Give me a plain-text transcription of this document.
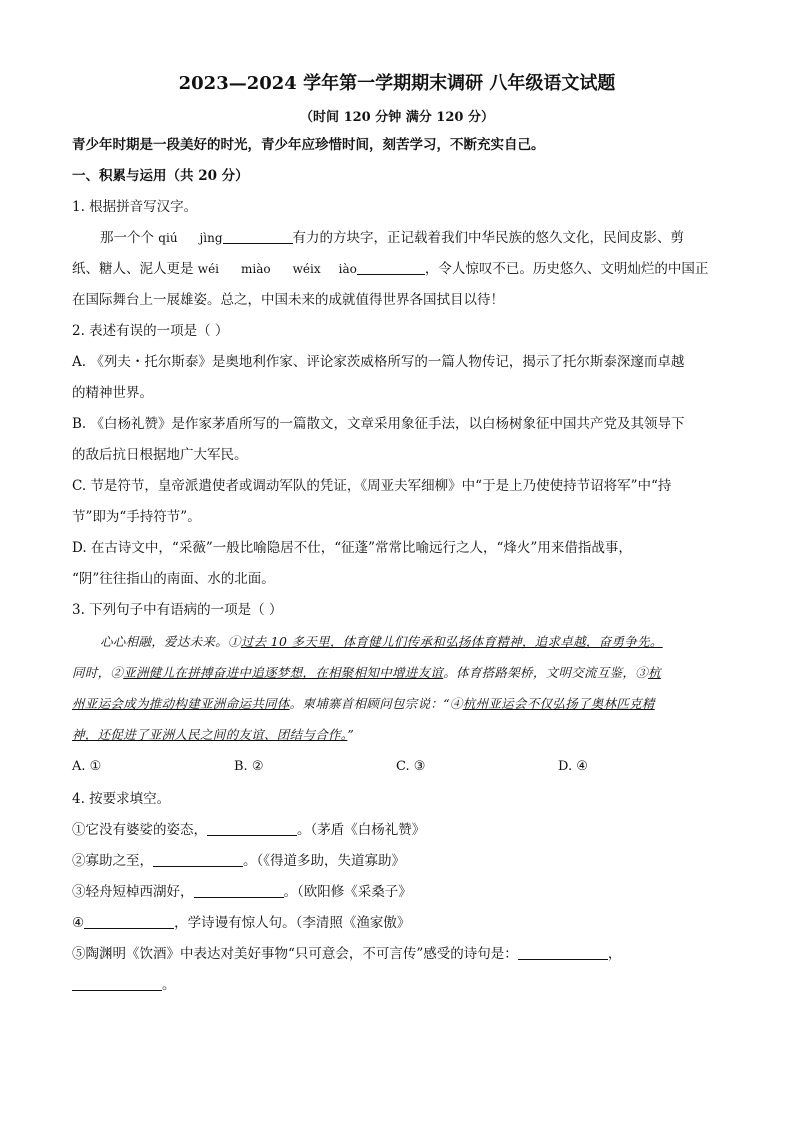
2023—2024 学年第一学期期末调研 八年级语文试题
（时间 120 分钟 满分 120 分）
青少年时期是一段美好的时光，青少年应珍惜时间，刻苦学习，不断充实自己。
一、积累与运用（共 20 分）
1. 根据拼音写汉字。
那一个个 qiú jìng	有力的方块字，正记载着我们中华民族的悠久文化，民间皮影、剪
纸、糖人、泥人更是 wéi miào wéix iào	，令人惊叹不已。历史悠久、文明灿烂的中国正
在国际舞台上一展雄姿。总之，中国未来的成就值得世界各国拭目以待！
2. 表述有误的一项是（ ）
A. 《列夫・托尔斯泰》是奥地利作家、评论家茨威格所写的一篇人物传记，揭示了托尔斯泰深邃而卓越
的精神世界。
B. 《白杨礼赞》是作家茅盾所写的一篇散文，文章采用象征手法，以白杨树象征中国共产党及其领导下
的敌后抗日根据地广大军民。
C. 节是符节，皇帝派遣使者或调动军队的凭证，《周亚夫军细柳》中“于是上乃使使持节诏将军”中“持
节”即为“手持符节”。
D. 在古诗文中，“采薇”一般比喻隐居不仕，“征蓬”常常比喻远行之人，“烽火”用来借指战事，
“阴”往往指山的南面、水的北面。
3. 下列句子中有语病的一项是（ ）
心心相融，爱达未来。①过去 10 多天里，体育健儿们传承和弘扬体育精神，追求卓越，奋勇争先。
同时，②亚洲健儿在拼搏奋进中追逐梦想，在相聚相知中增进友谊。体育搭路架桥，文明交流互鉴，③杭
州亚运会成为推动构建亚洲命运共同体。柬埔寨首相顾问包宗说：“④杭州亚运会不仅弘扬了奥林匹克精
神，还促进了亚洲人民之间的友谊、团结与合作。”
A. ①	B. ②	C. ③	D. ④
4. 按要求填空。
①它没有婆娑的姿态，	。（茅盾《白杨礼赞》
②寡助之至，	。（《得道多助，失道寡助》
③轻舟短棹西湖好，	。（欧阳修《采桑子》
④	，学诗谩有惊人句。（李清照《渔家傲》
⑤陶渊明《饮酒》中表达对美好事物“只可意会，不可言传”感受的诗句是：	，
。
